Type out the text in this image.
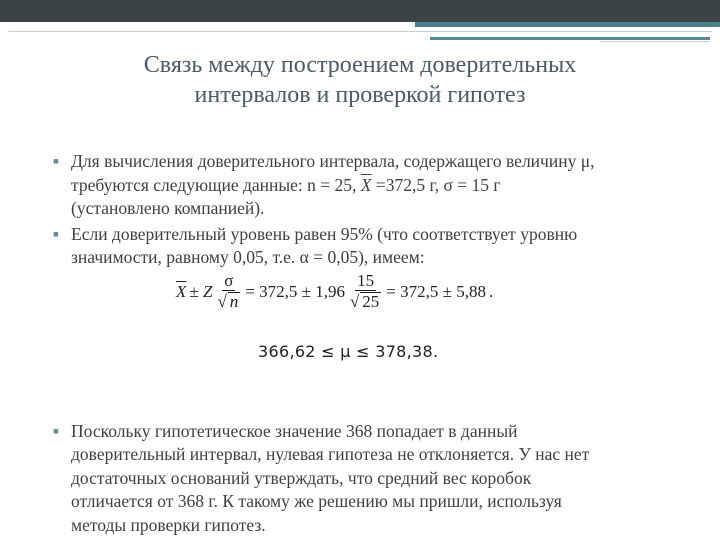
Связь между построением доверительных
интервалов и проверкой гипотез
▪ Для вычисления доверительного интервала, содержащего величину μ,
требуются следующие данные: n = 25, $\overline{X} =372,5$ г, σ = 15 г
(установлено компанией).
▪ Если доверительный уровень равен 95% (что соответствует уровню
значимости, равному 0,05, т.е. α = 0,05), имеем:
$\overline{X} \pm Z \frac{\sigma}{√ n} = 372,5 \pm 1,96 \frac{15}{√ 25} = 372,5 \pm 5,88$ .
366,62 ≤ μ ≤ 378,38.
▪ Поскольку гипотетическое значение 368 попадает в данный
доверительный интервал, нулевая гипотеза не отклоняется. У нас нет
достаточных оснований утверждать, что средний вес коробок
отличается от 368 г. К такому же решению мы пришли, используя
методы проверки гипотез.
